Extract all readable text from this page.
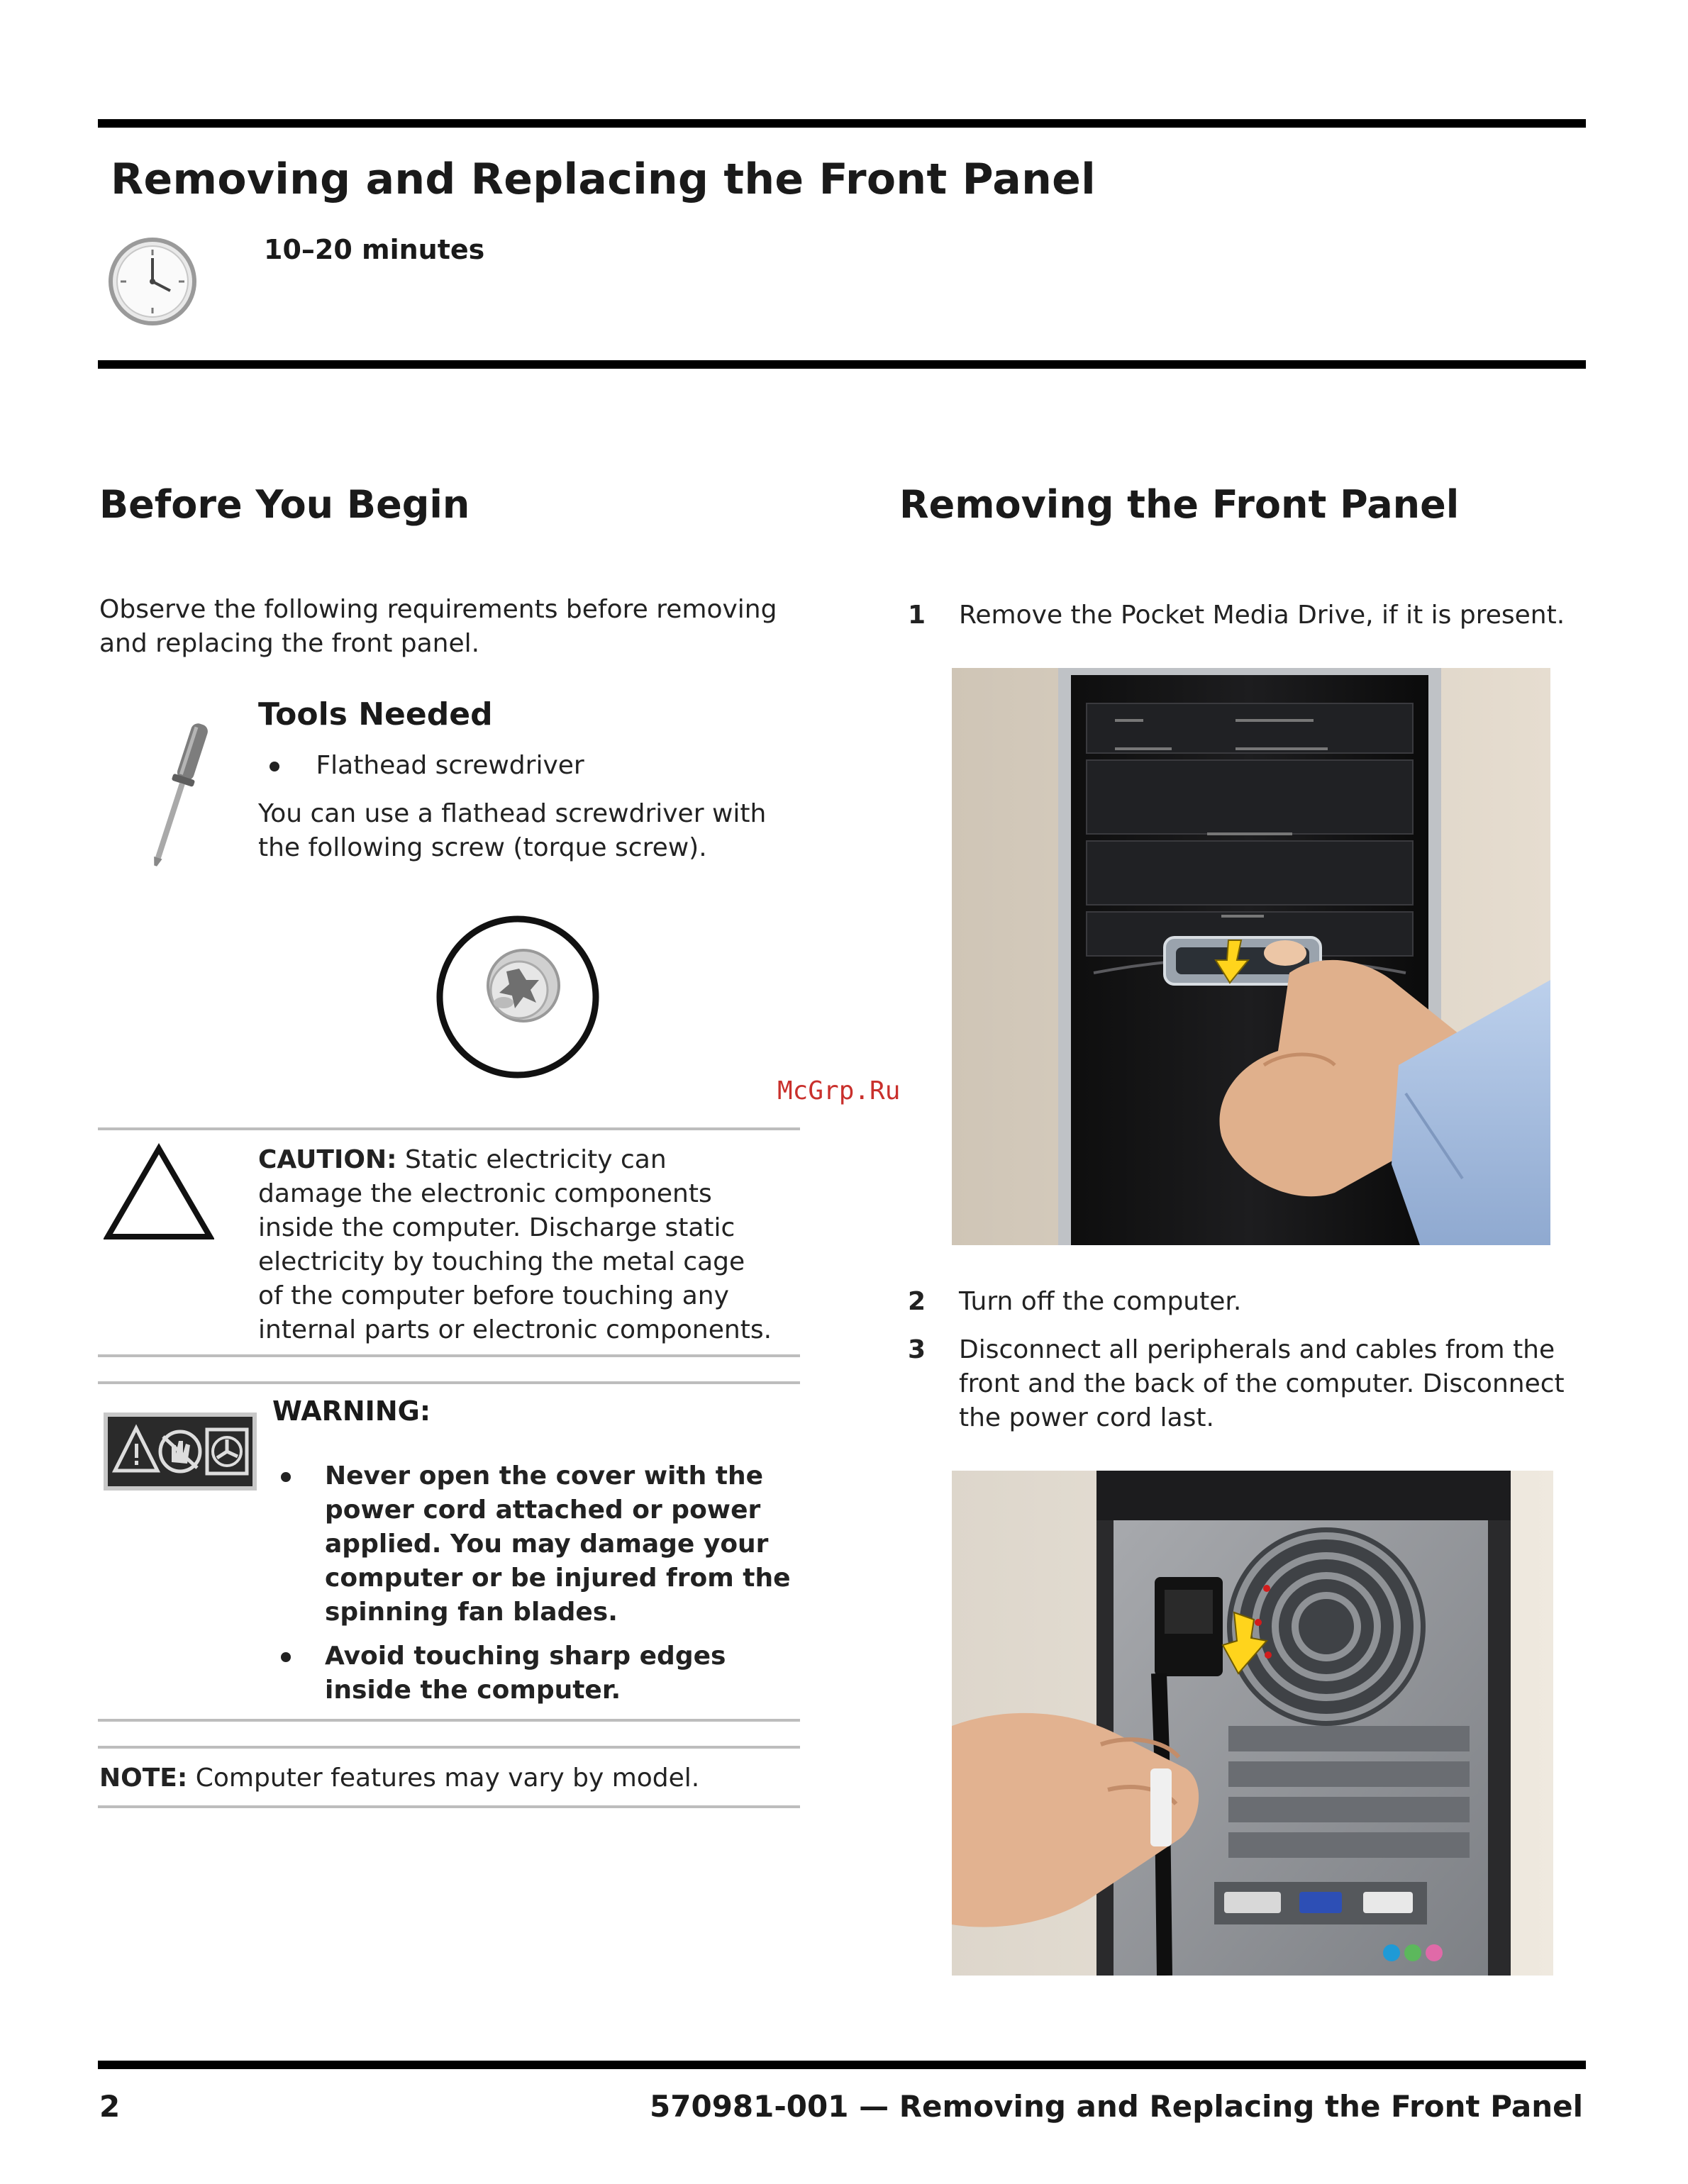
Removing and Replacing the Front Panel
10–20 minutes
Before You Begin
Observe the following requirements before removing and replacing the front panel.
Tools Needed
Flathead screwdriver
You can use a flathead screwdriver with the following screw (torque screw).
McGrp.Ru
CAUTION: Static electricity can damage the electronic components inside the computer. Discharge static electricity by touching the metal cage of the computer before touching any internal parts or electronic components.
WARNING:
Never open the cover with the power cord attached or power applied. You may damage your computer or be injured from the spinning fan blades.
Avoid touching sharp edges inside the computer.
NOTE: Computer features may vary by model.
Removing the Front Panel
1 Remove the Pocket Media Drive, if it is present.
2 Turn off the computer.
3 Disconnect all peripherals and cables from the front and the back of the computer. Disconnect the power cord last.
2	570981-001 — Removing and Replacing the Front Panel
